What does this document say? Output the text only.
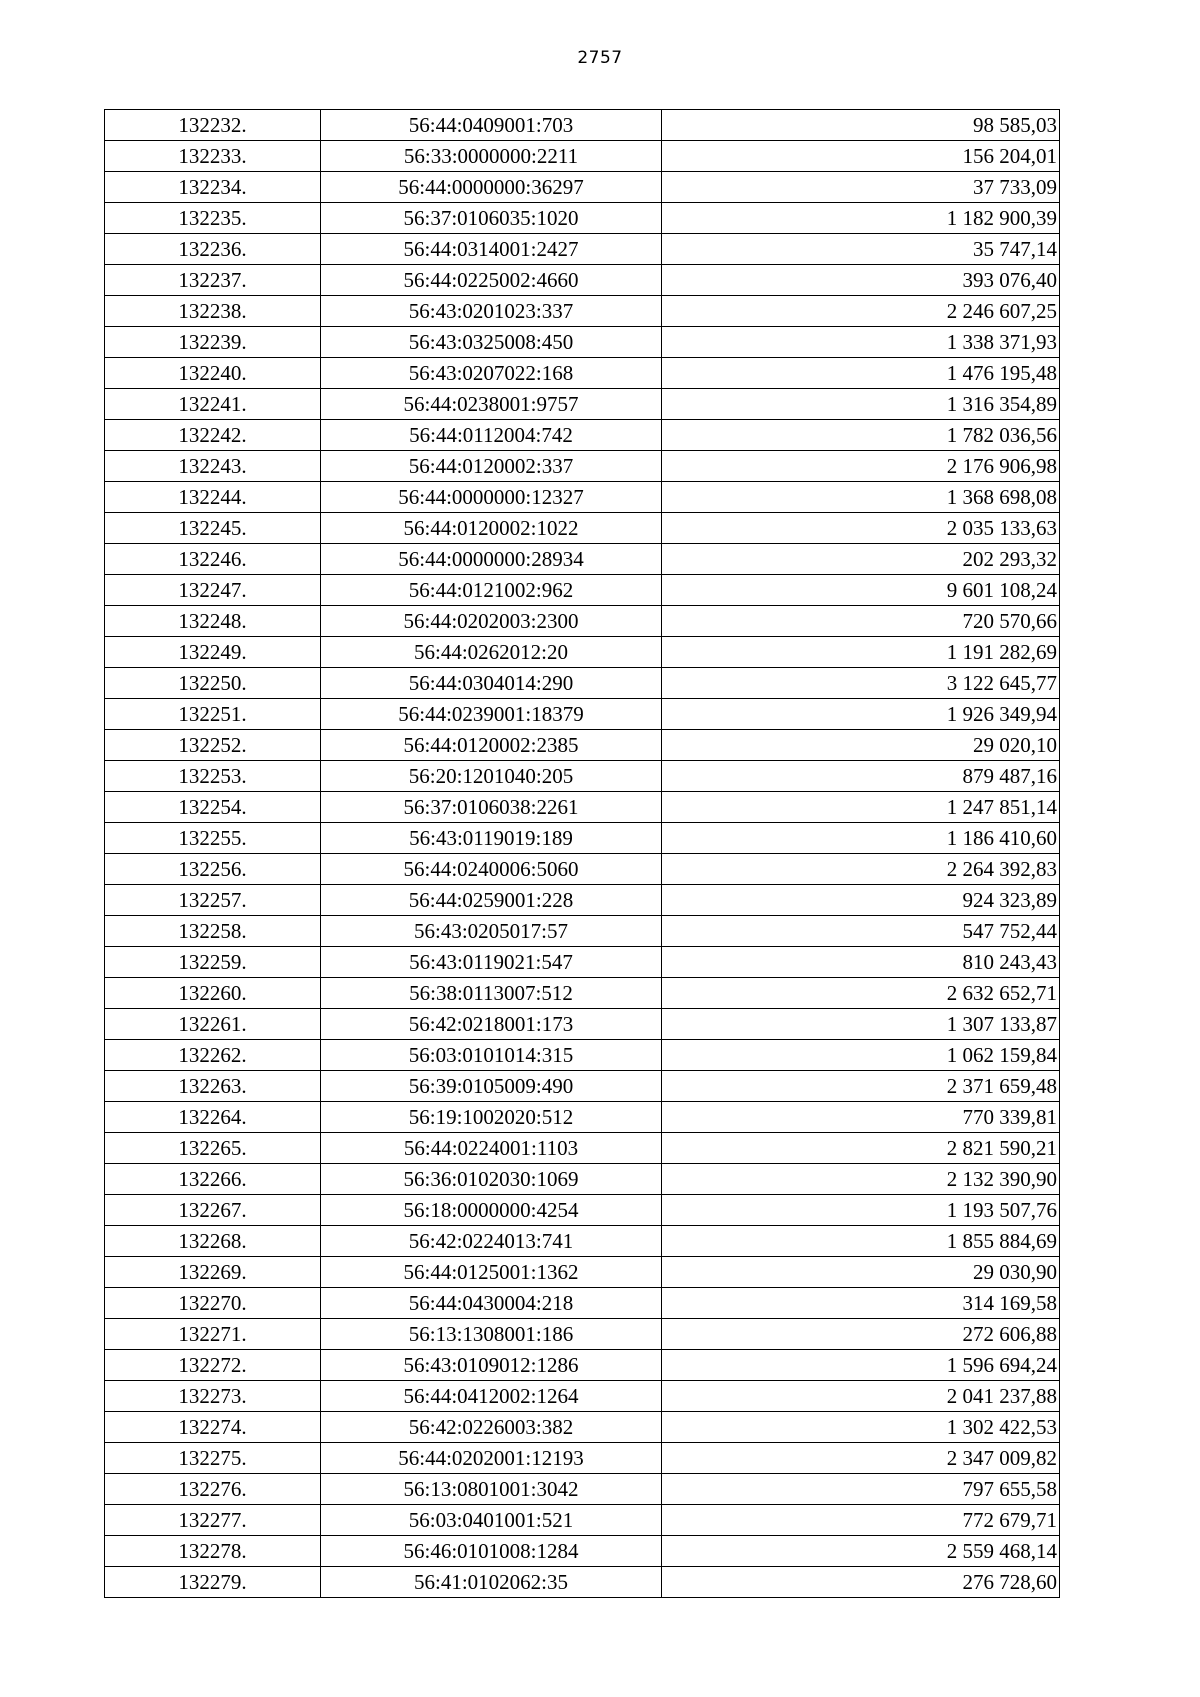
2757
132232.	56:44:0409001:703	98 585,03
132233.	56:33:0000000:2211	156 204,01
132234.	56:44:0000000:36297	37 733,09
132235.	56:37:0106035:1020	1 182 900,39
132236.	56:44:0314001:2427	35 747,14
132237.	56:44:0225002:4660	393 076,40
132238.	56:43:0201023:337	2 246 607,25
132239.	56:43:0325008:450	1 338 371,93
132240.	56:43:0207022:168	1 476 195,48
132241.	56:44:0238001:9757	1 316 354,89
132242.	56:44:0112004:742	1 782 036,56
132243.	56:44:0120002:337	2 176 906,98
132244.	56:44:0000000:12327	1 368 698,08
132245.	56:44:0120002:1022	2 035 133,63
132246.	56:44:0000000:28934	202 293,32
132247.	56:44:0121002:962	9 601 108,24
132248.	56:44:0202003:2300	720 570,66
132249.	56:44:0262012:20	1 191 282,69
132250.	56:44:0304014:290	3 122 645,77
132251.	56:44:0239001:18379	1 926 349,94
132252.	56:44:0120002:2385	29 020,10
132253.	56:20:1201040:205	879 487,16
132254.	56:37:0106038:2261	1 247 851,14
132255.	56:43:0119019:189	1 186 410,60
132256.	56:44:0240006:5060	2 264 392,83
132257.	56:44:0259001:228	924 323,89
132258.	56:43:0205017:57	547 752,44
132259.	56:43:0119021:547	810 243,43
132260.	56:38:0113007:512	2 632 652,71
132261.	56:42:0218001:173	1 307 133,87
132262.	56:03:0101014:315	1 062 159,84
132263.	56:39:0105009:490	2 371 659,48
132264.	56:19:1002020:512	770 339,81
132265.	56:44:0224001:1103	2 821 590,21
132266.	56:36:0102030:1069	2 132 390,90
132267.	56:18:0000000:4254	1 193 507,76
132268.	56:42:0224013:741	1 855 884,69
132269.	56:44:0125001:1362	29 030,90
132270.	56:44:0430004:218	314 169,58
132271.	56:13:1308001:186	272 606,88
132272.	56:43:0109012:1286	1 596 694,24
132273.	56:44:0412002:1264	2 041 237,88
132274.	56:42:0226003:382	1 302 422,53
132275.	56:44:0202001:12193	2 347 009,82
132276.	56:13:0801001:3042	797 655,58
132277.	56:03:0401001:521	772 679,71
132278.	56:46:0101008:1284	2 559 468,14
132279.	56:41:0102062:35	276 728,60
